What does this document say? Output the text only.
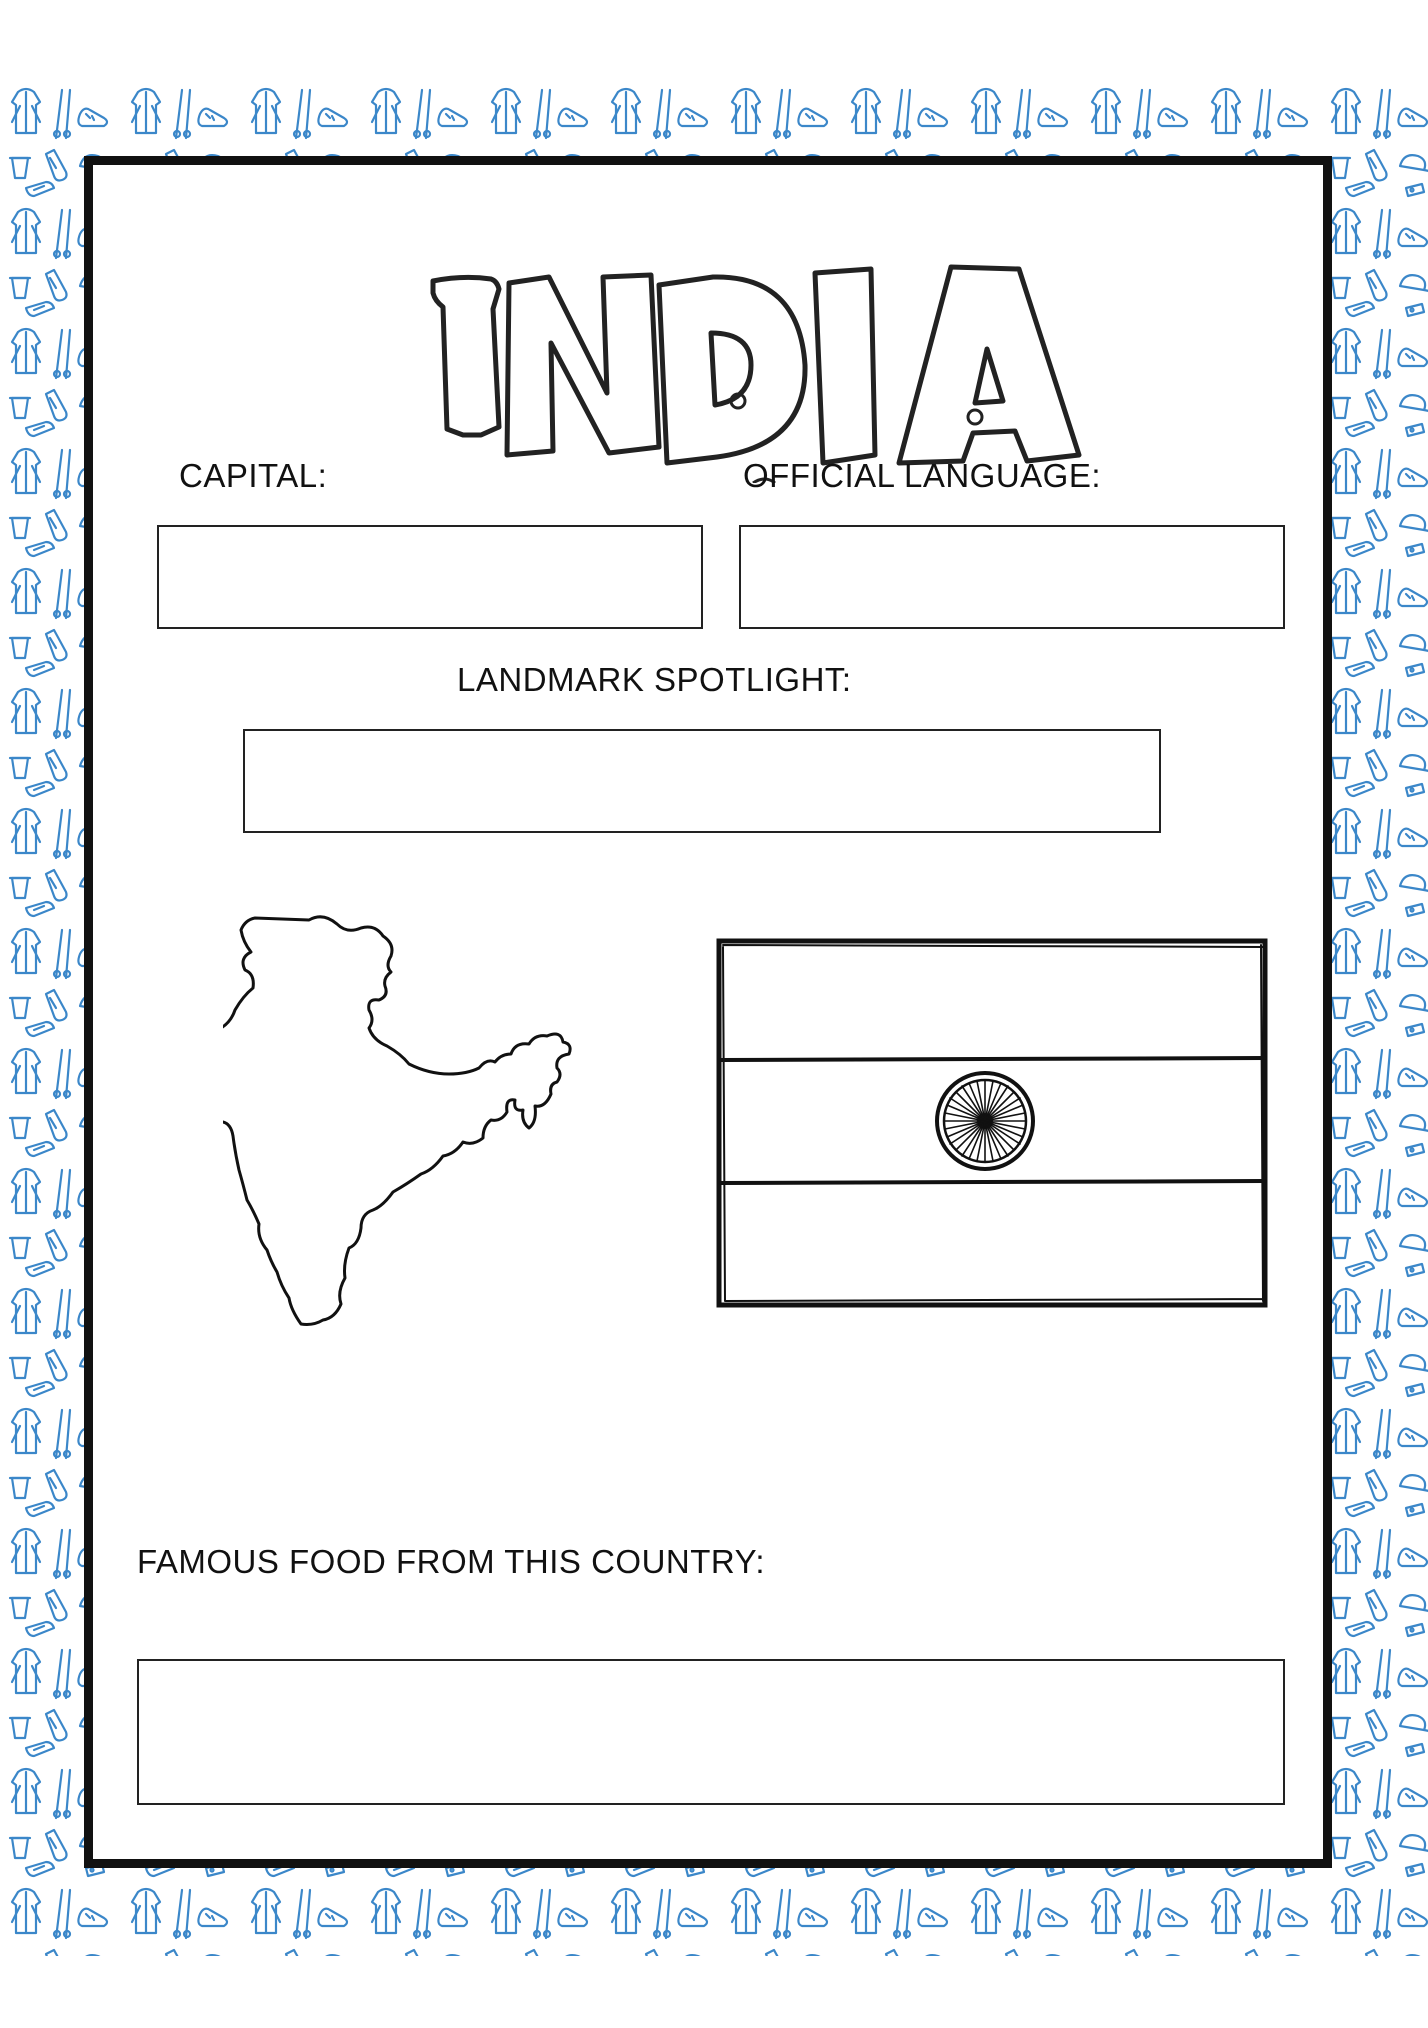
CAPITAL:	OFFICIAL LANGUAGE:
LANDMARK SPOTLIGHT:
FAMOUS FOOD FROM THIS COUNTRY:
